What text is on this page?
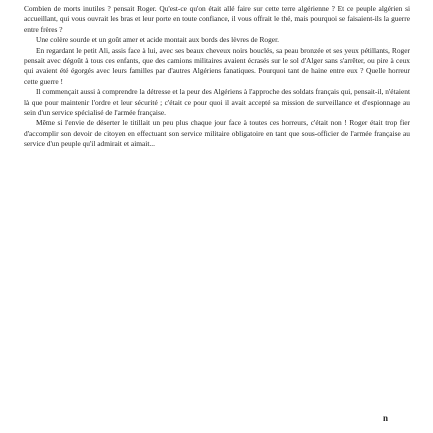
Combien de morts inutiles ? pensait Roger. Qu'est-ce qu'on était allé faire sur cette terre algérienne ? Et ce peuple algérien si accueillant, qui vous ouvrait les bras et leur porte en toute confiance, il vous offrait le thé, mais pourquoi se faisaient-ils la guerre entre frères ?

Une colère sourde et un goût amer et acide montait aux bords des lèvres de Roger.

En regardant le petit Ali, assis face à lui, avec ses beaux cheveux noirs bouclés, sa peau bronzée et ses yeux pétillants, Roger pensait avec dégoût à tous ces enfants, que des camions militaires avaient écrasés sur le sol d'Alger sans s'arrêter, ou pire à ceux qui avaient été égorgés avec leurs familles par d'autres Algériens fanatiques. Pourquoi tant de haine entre eux ? Quelle horreur cette guerre !

Il commençait aussi à comprendre la détresse et la peur des Algériens à l'approche des soldats français qui, pensait-il, n'étaient là que pour maintenir l'ordre et leur sécurité ; c'était ce pour quoi il avait accepté sa mission de surveillance et d'espionnage au sein d'un service spécialisé de l'armée française.

Même si l'envie de déserter le titillait un peu plus chaque jour face à toutes ces horreurs, c'était non ! Roger était trop fier d'accomplir son devoir de citoyen en effectuant son service militaire obligatoire en tant que sous-officier de l'armée française au service d'un peuple qu'il admirait et aimait...

n
